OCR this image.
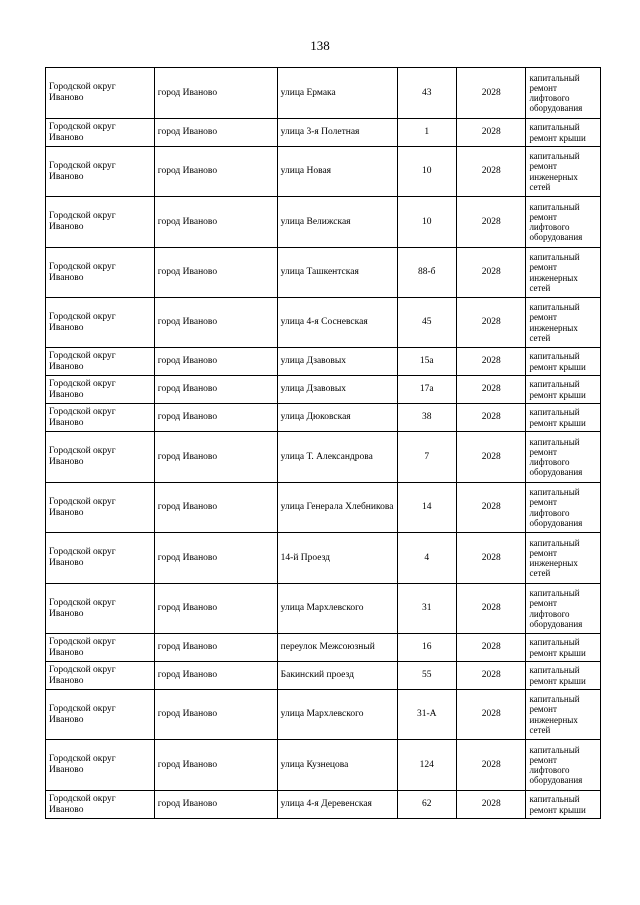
138
Городской округ Иваново	город Иваново	улица Ермака	43	2028	капитальный ремонт лифтового оборудования
Городской округ Иваново	город Иваново	улица 3-я Полетная	1	2028	капитальный ремонт крыши
Городской округ Иваново	город Иваново	улица Новая	10	2028	капитальный ремонт инженерных сетей
Городской округ Иваново	город Иваново	улица Велижская	10	2028	капитальный ремонт лифтового оборудования
Городской округ Иваново	город Иваново	улица Ташкентская	88-б	2028	капитальный ремонт инженерных сетей
Городской округ Иваново	город Иваново	улица 4-я Сосневская	45	2028	капитальный ремонт инженерных сетей
Городской округ Иваново	город Иваново	улица Дзавовых	15а	2028	капитальный ремонт крыши
Городской округ Иваново	город Иваново	улица Дзавовых	17а	2028	капитальный ремонт крыши
Городской округ Иваново	город Иваново	улица Дюковская	38	2028	капитальный ремонт крыши
Городской округ Иваново	город Иваново	улица Т. Александрова	7	2028	капитальный ремонт лифтового оборудования
Городской округ Иваново	город Иваново	улица Генерала Хлебникова	14	2028	капитальный ремонт лифтового оборудования
Городской округ Иваново	город Иваново	14-й Проезд	4	2028	капитальный ремонт инженерных сетей
Городской округ Иваново	город Иваново	улица Мархлевского	31	2028	капитальный ремонт лифтового оборудования
Городской округ Иваново	город Иваново	переулок Межсоюзный	16	2028	капитальный ремонт крыши
Городской округ Иваново	город Иваново	Бакинский проезд	55	2028	капитальный ремонт крыши
Городской округ Иваново	город Иваново	улица Мархлевского	31-А	2028	капитальный ремонт инженерных сетей
Городской округ Иваново	город Иваново	улица Кузнецова	124	2028	капитальный ремонт лифтового оборудования
Городской округ Иваново	город Иваново	улица 4-я Деревенская	62	2028	капитальный ремонт крыши
